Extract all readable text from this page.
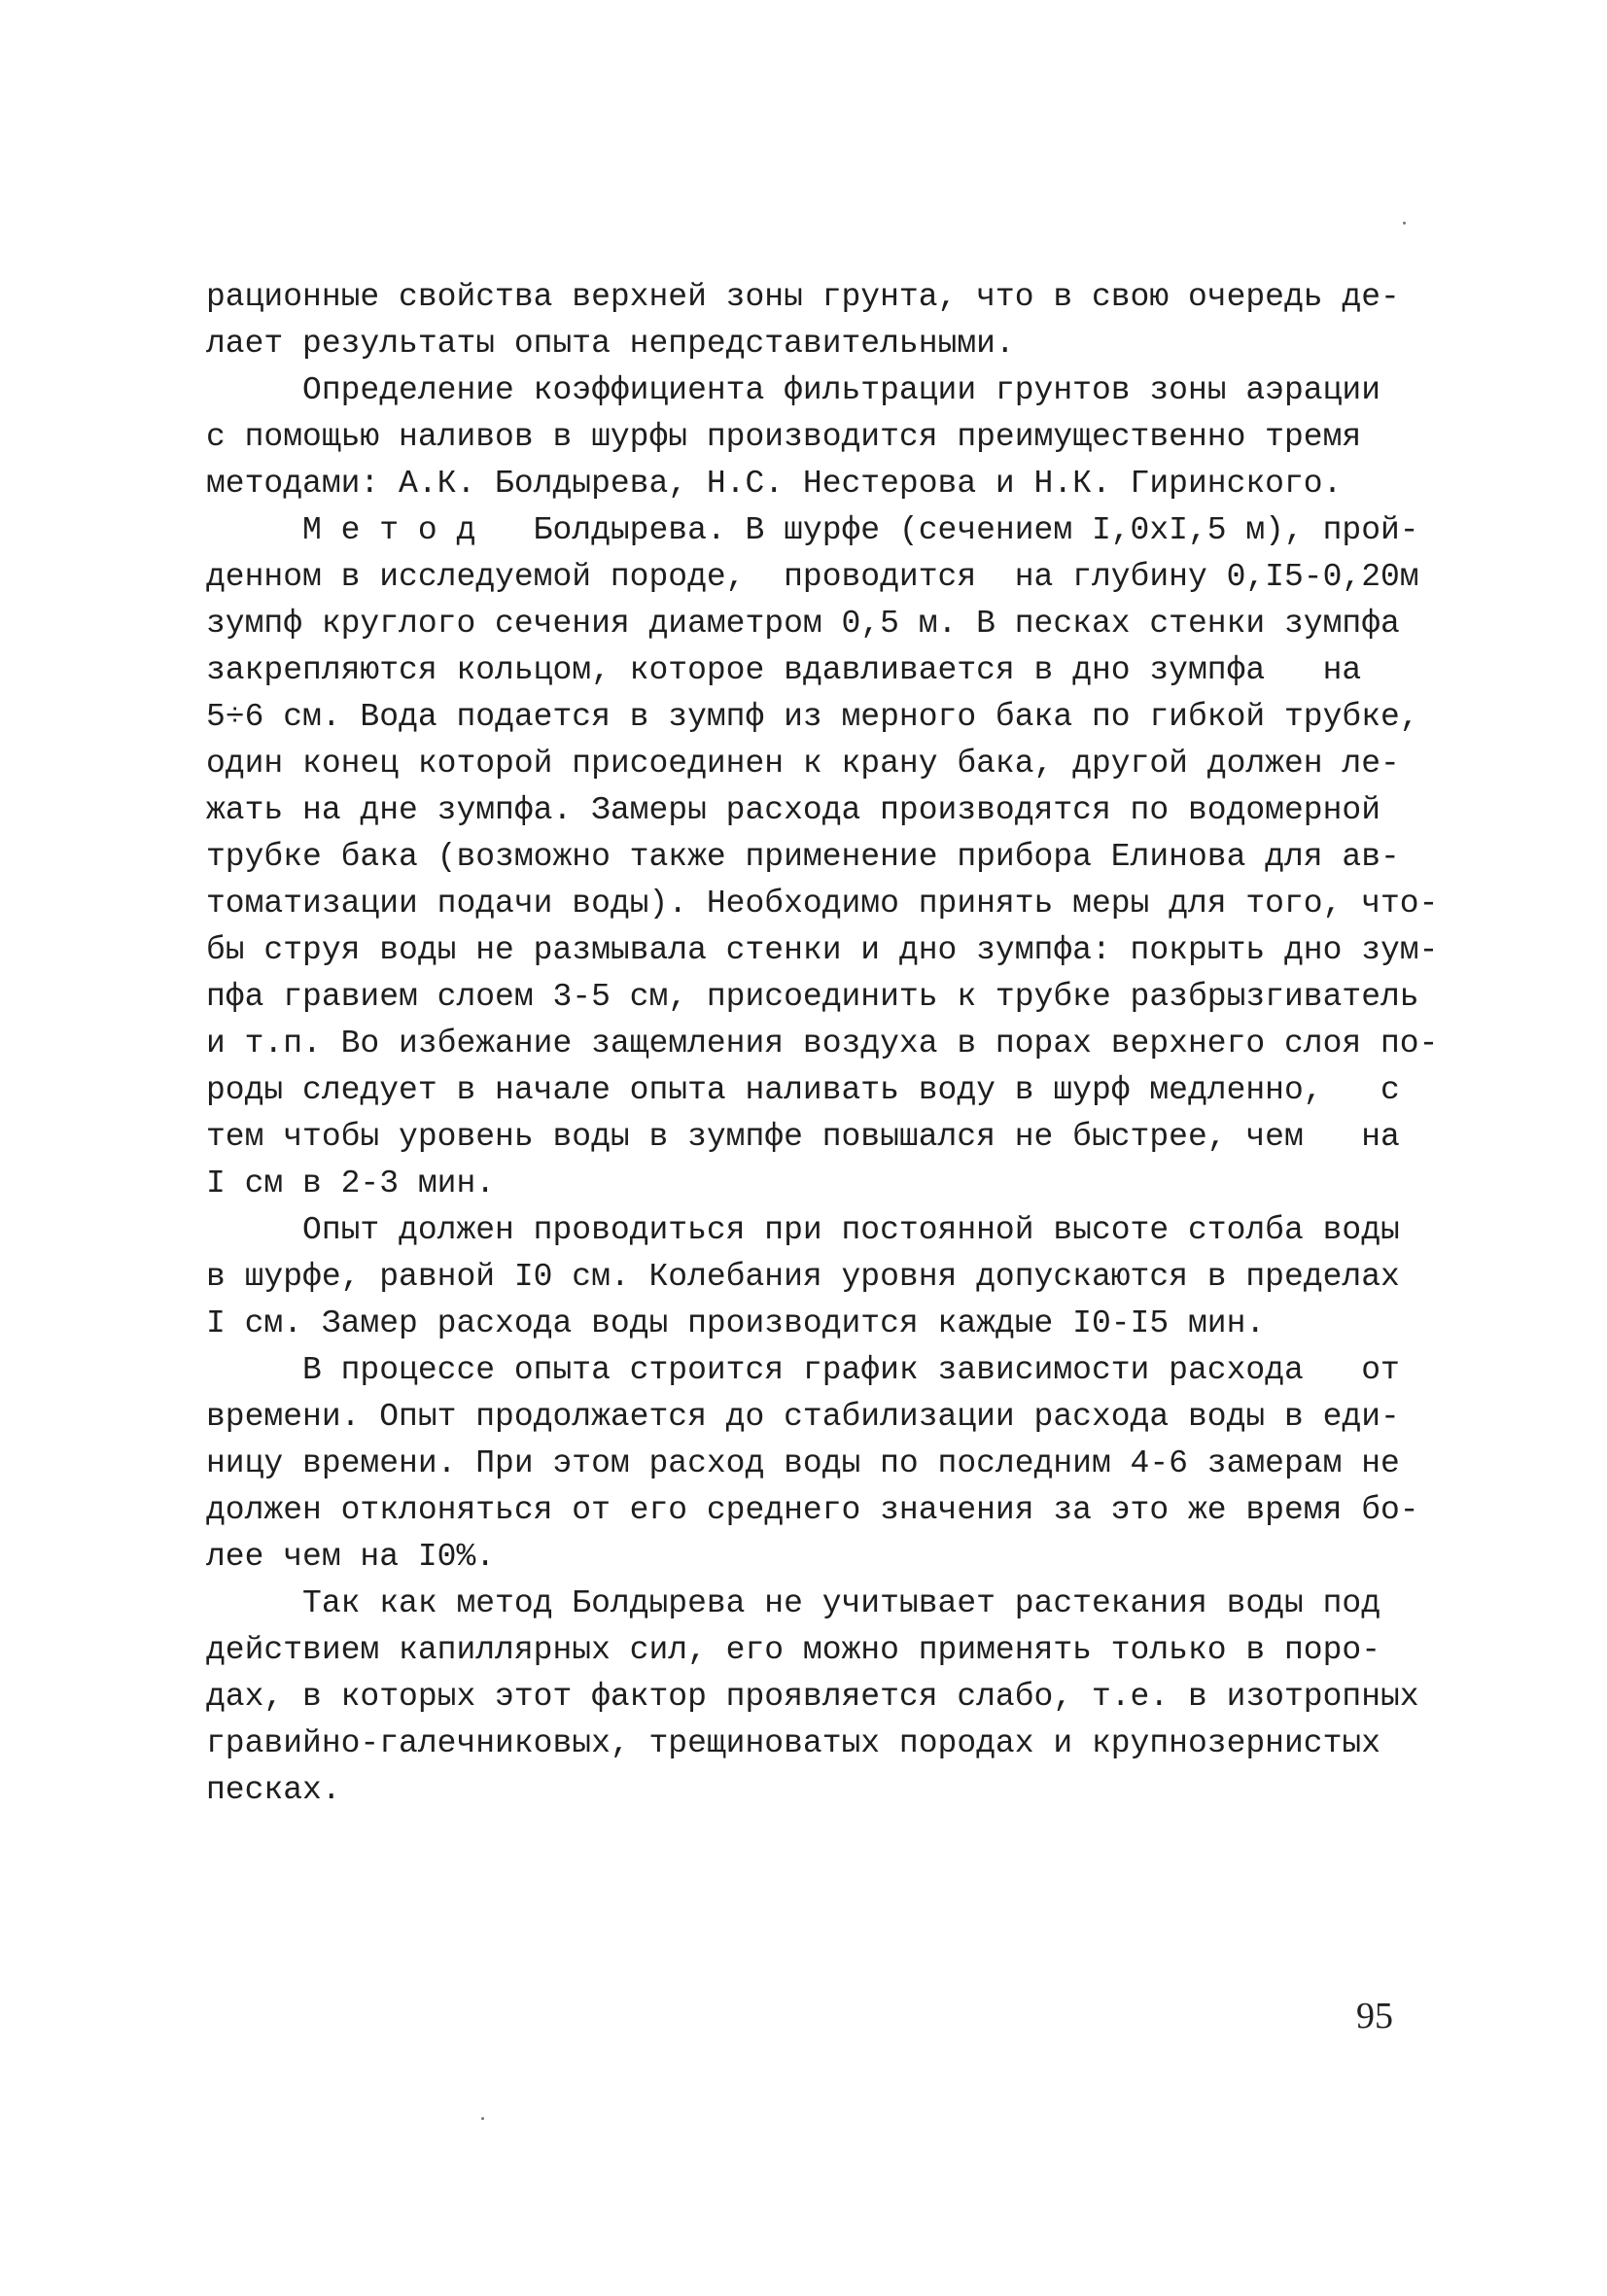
рационные свойства верхней зоны грунта, что в свою очередь де-
лает результаты опыта непредставительными.
Определение коэффициента фильтрации грунтов зоны аэрации
с помощью наливов в шурфы производится преимущественно тремя
методами: А.К. Болдырева, Н.С. Нестерова и Н.К. Гиринского.
М е т о д   Болдырева. В шурфе (сечением I,0xI,5 м), прой-
денном в исследуемой породе,  проводится  на глубину 0,I5-0,20м
зумпф круглого сечения диаметром 0,5 м. В песках стенки зумпфа
закрепляются кольцом, которое вдавливается в дно зумпфа   на
5÷6 см. Вода подается в зумпф из мерного бака по гибкой трубке,
один конец которой присоединен к крану бака, другой должен ле-
жать на дне зумпфа. Замеры расхода производятся по водомерной
трубке бака (возможно также применение прибора Елинова для ав-
томатизации подачи воды). Необходимо принять меры для того, что-
бы струя воды не размывала стенки и дно зумпфа: покрыть дно зум-
пфа гравием слоем 3-5 см, присоединить к трубке разбрызгиватель
и т.п. Во избежание защемления воздуха в порах верхнего слоя по-
роды следует в начале опыта наливать воду в шурф медленно,   с
тем чтобы уровень воды в зумпфе повышался не быстрее, чем   на
I см в 2-3 мин.
Опыт должен проводиться при постоянной высоте столба воды
в шурфе, равной I0 см. Колебания уровня допускаются в пределах
I см. Замер расхода воды производится каждые I0-I5 мин.
В процессе опыта строится график зависимости расхода   от
времени. Опыт продолжается до стабилизации расхода воды в еди-
ницу времени. При этом расход воды по последним 4-6 замерам не
должен отклоняться от его среднего значения за это же время бо-
лее чем на I0%.
Так как метод Болдырева не учитывает растекания воды под
действием капиллярных сил, его можно применять только в поро-
дах, в которых этот фактор проявляется слабо, т.е. в изотропных
гравийно-галечниковых, трещиноватых породах и крупнозернистых
песках.
95
